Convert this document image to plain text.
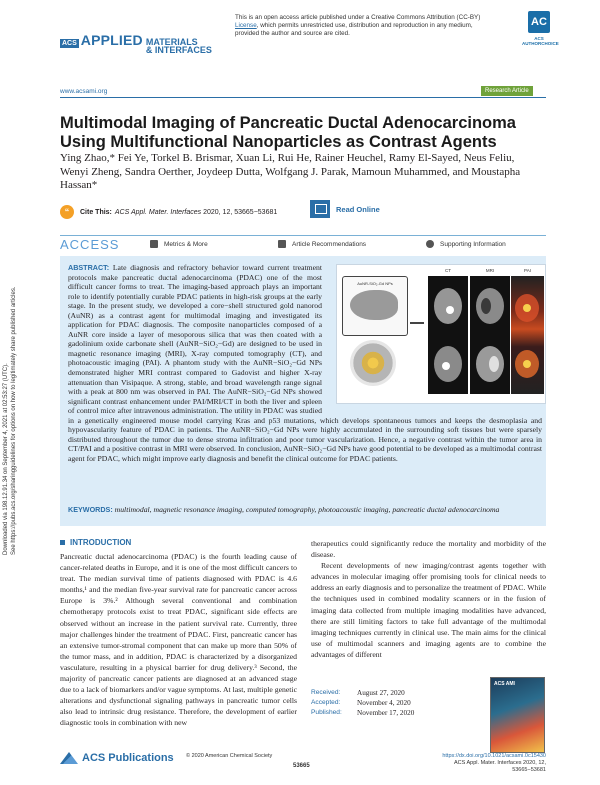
ACS APPLIED MATERIALS
& INTERFACES
This is an open access article published under a Creative Commons Attribution (CC-BY)
License, which permits unrestricted use, distribution and reproduction in any medium,
provided the author and source are cited.
AC
ACS AUTHORCHOICE
www.acsami.org	Research Article
Multimodal Imaging of Pancreatic Ductal Adenocarcinoma Using Multifunctional Nanoparticles as Contrast Agents
Ying Zhao,* Fei Ye, Torkel B. Brismar, Xuan Li, Rui He, Rainer Heuchel, Ramy El-Sayed, Neus Feliu, Wenyi Zheng, Sandra Oerther, Joydeep Dutta, Wolfgang J. Parak, Mamoun Muhammed, and Moustapha Hassan*
“	Cite This: ACS Appl. Mater. Interfaces 2020, 12, 53665−53681	Read Online
ACCESS	Metrics & More	Article Recommendations	Supporting Information
ABSTRACT: Late diagnosis and refractory behavior toward current treatment protocols make pancreatic ductal adenocarcinoma (PDAC) one of the most difficult cancer forms to treat. The imaging-based approach plays an important role to identify potentially curable PDAC patients in high-risk groups at the early stage. In the present study, we developed a core−shell structured gold nanorod (AuNR) as a contrast agent for multimodal imaging and investigated its application for PDAC diagnosis. The composite nanoparticles composed of a AuNR core inside a layer of mesoporous silica that was then coated with a gadolinium oxide carbonate shell (AuNR−SiO₂−Gd) are designed to be used in magnetic resonance imaging (MRI), X-ray computed tomography (CT), and photoacoustic imaging (PAI). A phantom study with the AuNR−SiO₂−Gd NPs demonstrated higher MRI contrast compared to Gadovist and higher X-ray attenuation than Visipaque. A strong, stable, and broad wavelength range signal with a peak at 800 nm was observed in PAI. The AuNR−SiO₂−Gd NPs showed significant contrast enhancement under PAI/MRI/CT in both the liver and spleen of control mice after intravenous administration. The utility in PDAC was studied in a genetically engineered mouse model carrying Kras and p53 mutations, which develops spontaneous tumors and keeps the desmoplasia and hypovascularity feature of PDAC in patients. The AuNR−SiO₂−Gd NPs were highly accumulated in the surrounding soft tissues but were sparsely distributed throughout the tumor due to dense stroma infiltration and poor tumor vascularization. Hence, a negative contrast within the tumor area in CT/PAI and a positive contrast in MRI were observed. In conclusion, AuNR−SiO₂−Gd NPs have good potential to be developed as a multimodal contrast agent for PDAC, which might improve early diagnosis and benefit the clinical outcome for PDAC patients.
AuNR-SiO₂-Gd NPs
CT	MRI	PAI
KEYWORDS: multimodal, magnetic resonance imaging, computed tomography, photoacoustic imaging, pancreatic ductal adenocarcinoma
Downloaded via 198.12.91.34 on September 4, 2021 at 02:53:27 (UTC). See https://pubs.acs.org/sharingguidelines for options on how to legitimately share published articles.	INTRODUCTION

Pancreatic ductal adenocarcinoma (PDAC) is the fourth leading cause of cancer-related deaths in Europe, and it is one of the most difficult cancers to treat. The median survival time of patients diagnosed with PDAC is 4.6 months,¹ and the median five-year survival rate for pancreatic cancer across Europe is 3%.² Although several conventional and combination chemotherapy protocols exist to treat PDAC, significant side effects are observed without an increase in the patient survival rate. Currently, three major challenges hinder the treatment of PDAC. First, pancreatic cancer has an extensive tumor-stromal component that can make up more than 50% of the tumor mass, and in addition, PDAC is characterized by a disorganized vasculature, resulting in a physical barrier for drug delivery.³ Second, the majority of pancreatic cancer patients are diagnosed at an advanced stage due to a lack of biomarkers and/or vague symptoms. At last, multiple genetic alterations and dysfunctional signaling pathways in pancreatic tumor cells also lead to intrinsic drug resistance. Therefore, the development of earlier diagnostic tools in combination with new

therapeutics could significantly reduce the mortality and morbidity of the disease.

Recent developments of new imaging/contrast agents together with advances in molecular imaging offer promising tools for clinical needs to address an early diagnosis and to personalize the treatment of PDAC. While the techniques used in combined modality scanners or in the fusion of imaging data collected from multiple imaging modalities have advanced, there are still limiting factors to take full advantage of the multimodal imaging techniques currently in clinical use. The main aims for the clinical use of multimodal scanners and imaging agents are to combine the advantages of different

Received:	August 27, 2020
Accepted:	November 4, 2020
Published:	November 17, 2020
ACS AMI
ACS Publications © 2020 American Chemical Society
53665
https://dx.doi.org/10.1021/acsami.0c15430
ACS Appl. Mater. Interfaces 2020, 12, 53665−53681
